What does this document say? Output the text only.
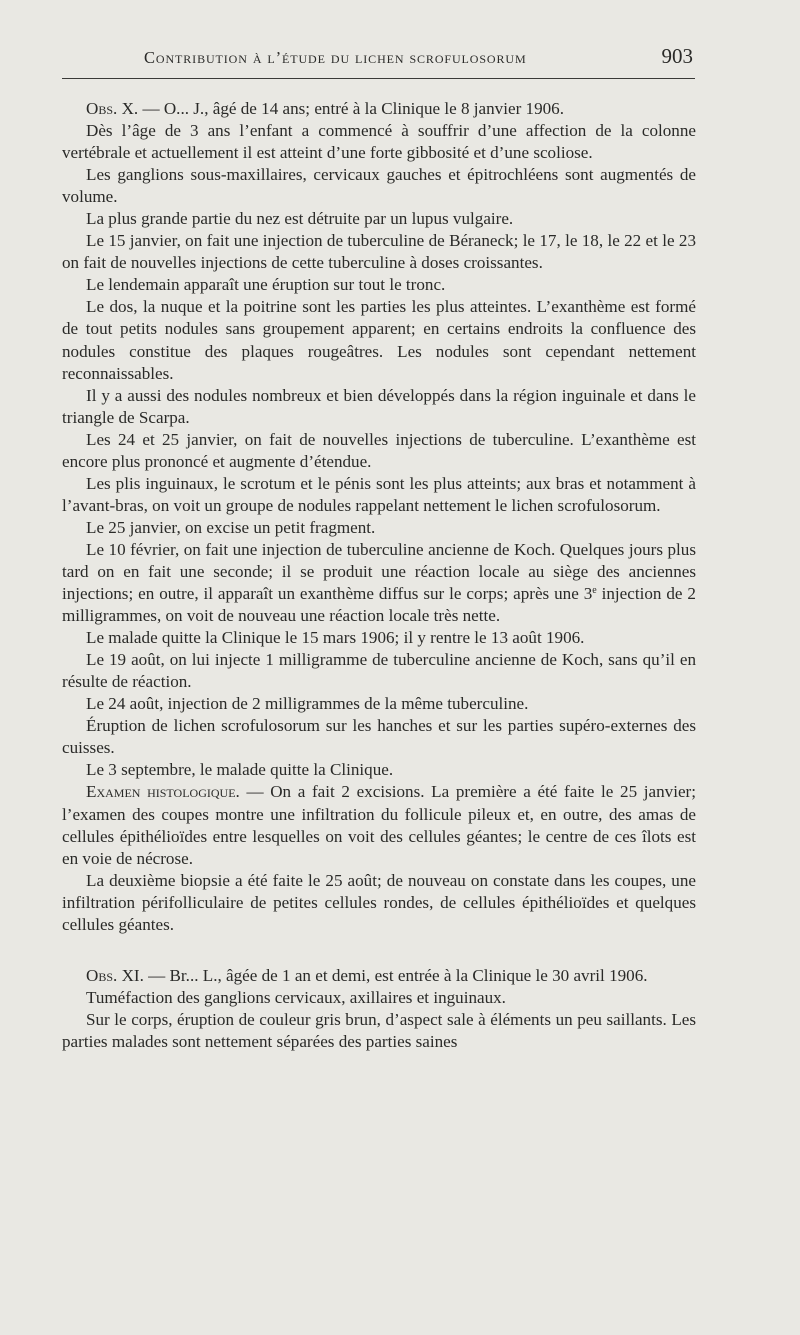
Contribution à l’étude du lichen scrofulosorum	903

Obs. X. — O... J., âgé de 14 ans; entré à la Clinique le 8 janvier 1906.

Dès l’âge de 3 ans l’enfant a commencé à souffrir d’une affection de la colonne vertébrale et actuellement il est atteint d’une forte gibbosité et d’une scoliose.

Les ganglions sous-maxillaires, cervicaux gauches et épitrochléens sont augmentés de volume.

La plus grande partie du nez est détruite par un lupus vulgaire.

Le 15 janvier, on fait une injection de tuberculine de Béraneck; le 17, le 18, le 22 et le 23 on fait de nouvelles injections de cette tuberculine à doses croissantes.

Le lendemain apparaît une éruption sur tout le tronc.

Le dos, la nuque et la poitrine sont les parties les plus atteintes. L’exanthème est formé de tout petits nodules sans groupement apparent; en certains endroits la confluence des nodules constitue des plaques rougeâtres. Les nodules sont cependant nettement reconnaissables.

Il y a aussi des nodules nombreux et bien développés dans la région inguinale et dans le triangle de Scarpa.

Les 24 et 25 janvier, on fait de nouvelles injections de tuberculine. L’exanthème est encore plus prononcé et augmente d’étendue.

Les plis inguinaux, le scrotum et le pénis sont les plus atteints; aux bras et notamment à l’avant-bras, on voit un groupe de nodules rappelant nettement le lichen scrofulosorum.

Le 25 janvier, on excise un petit fragment.

Le 10 février, on fait une injection de tuberculine ancienne de Koch. Quelques jours plus tard on en fait une seconde; il se produit une réaction locale au siège des anciennes injections; en outre, il apparaît un exanthème diffus sur le corps; après une 3e injection de 2 milligrammes, on voit de nouveau une réaction locale très nette.

Le malade quitte la Clinique le 15 mars 1906; il y rentre le 13 août 1906.

Le 19 août, on lui injecte 1 milligramme de tuberculine ancienne de Koch, sans qu’il en résulte de réaction.

Le 24 août, injection de 2 milligrammes de la même tuberculine.

Éruption de lichen scrofulosorum sur les hanches et sur les parties supéro-externes des cuisses.

Le 3 septembre, le malade quitte la Clinique.

Examen histologique. — On a fait 2 excisions. La première a été faite le 25 janvier; l’examen des coupes montre une infiltration du follicule pileux et, en outre, des amas de cellules épithélioïdes entre lesquelles on voit des cellules géantes; le centre de ces îlots est en voie de nécrose.

La deuxième biopsie a été faite le 25 août; de nouveau on constate dans les coupes, une infiltration périfolliculaire de petites cellules rondes, de cellules épithélioïdes et quelques cellules géantes.

Obs. XI. — Br... L., âgée de 1 an et demi, est entrée à la Clinique le 30 avril 1906.

Tuméfaction des ganglions cervicaux, axillaires et inguinaux.

Sur le corps, éruption de couleur gris brun, d’aspect sale à éléments un peu saillants. Les parties malades sont nettement séparées des parties saines
